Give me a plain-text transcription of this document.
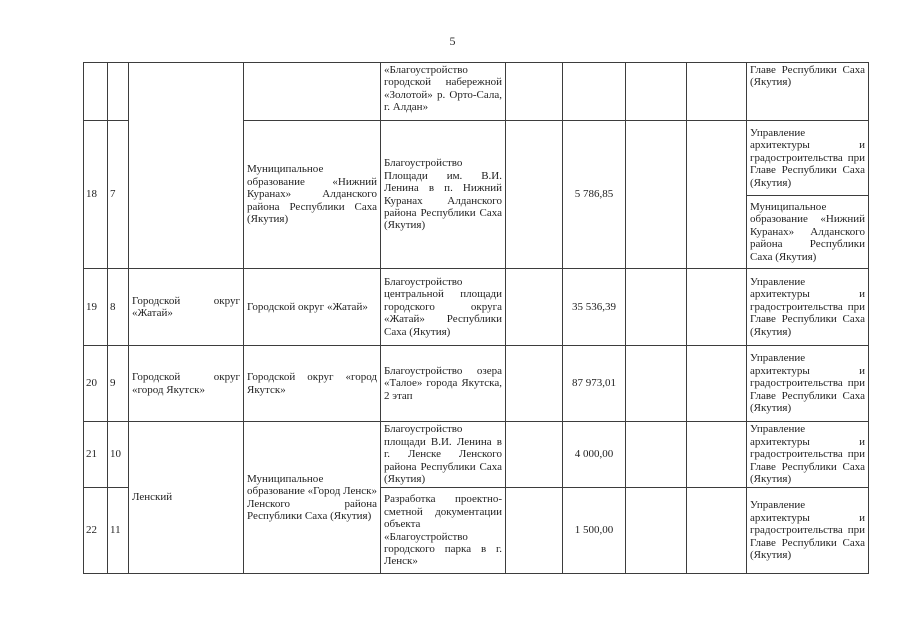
5
				«Благоустройство городской набережной «Золотой» р. Орто-Сала, г. Алдан»					Главе Республики Саха (Якутия)
18	7		Муниципальное образование «Нижний Куранах» Алданского района Республики Саха (Якутия)	Благоустройство Площади им. В.И. Ленина в п. Нижний Куранах Алданского района Республики Саха (Якутия)		5 786,85			Управление архитектуры и градостроительства при Главе Республики Саха (Якутия)
									Муниципальное образование «Нижний Куранах» Алданского района Республики Саха (Якутия)
19	8	Городской округ «Жатай»	Городской округ «Жатай»	Благоустройство центральной площади городского округа «Жатай» Республики Саха (Якутия)		35 536,39			Управление архитектуры и градостроительства при Главе Республики Саха (Якутия)
20	9	Городской округ «город Якутск»	Городской округ «город Якутск»	Благоустройство озера «Талое» города Якутска, 2 этап		87 973,01			Управление архитектуры и градостроительства при Главе Республики Саха (Якутия)
21	10	Ленский	Муниципальное образование «Город Ленск» Ленского района Республики Саха (Якутия)	Благоустройство площади В.И. Ленина в г. Ленске Ленского района Республики Саха (Якутия)		4 000,00			Управление архитектуры и градостроительства при Главе Республики Саха (Якутия)
22	11			Разработка проектно-сметной документации объекта «Благоустройство городского парка в г. Ленск»		1 500,00			Управление архитектуры и градостроительства при Главе Республики Саха (Якутия)
